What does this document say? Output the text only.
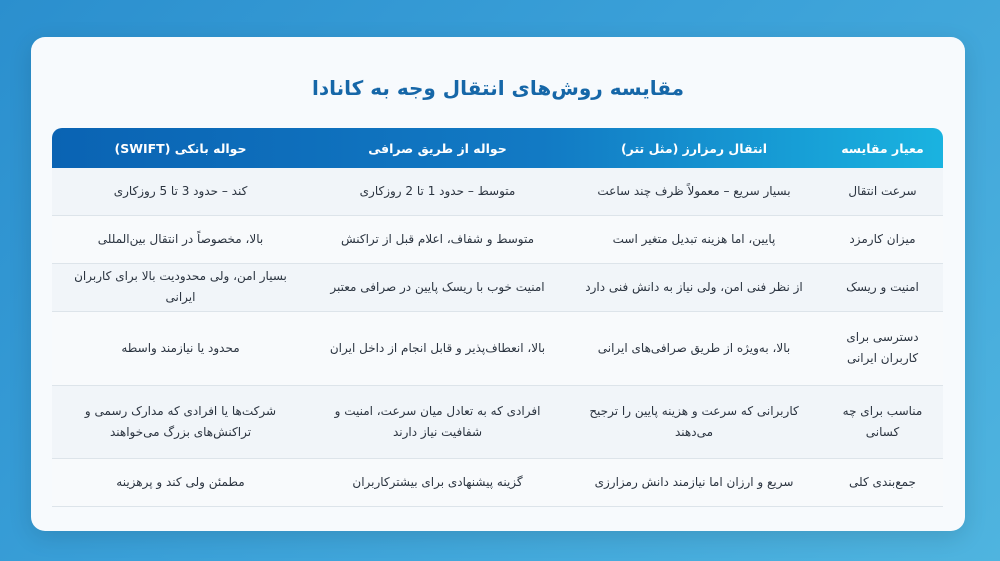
مقایسه روش‌های انتقال وجه به کانادا
معیار مقایسه	انتقال رمزارز (مثل تتر)	حواله از طریق صرافی	حواله بانکی (SWIFT)
سرعت انتقال	بسیار سریع – معمولاً ظرف چند ساعت	متوسط – حدود 1 تا 2 روزکاری	کند – حدود 3 تا 5 روزکاری
میزان کارمزد	پایین، اما هزینه تبدیل متغیر است	متوسط و شفاف، اعلام قبل از تراکنش	بالا، مخصوصاً در انتقال بین‌المللی
امنیت و ریسک	از نظر فنی امن، ولی نیاز به دانش فنی دارد	امنیت خوب با ریسک پایین در صرافی معتبر	بسیار امن، ولی محدودیت بالا برای کاربران ایرانی
دسترسی برای کاربران ایرانی	بالا، به‌ویژه از طریق صرافی‌های ایرانی	بالا، انعطاف‌پذیر و قابل انجام از داخل ایران	محدود یا نیازمند واسطه
مناسب برای چه کسانی	کاربرانی که سرعت و هزینه پایین را ترجیح می‌دهند	افرادی که به تعادل میان سرعت، امنیت و شفافیت نیاز دارند	شرکت‌ها یا افرادی که مدارک رسمی و تراکنش‌های بزرگ می‌خواهند
جمع‌بندی کلی	سریع و ارزان اما نیازمند دانش رمزارزی	گزینه پیشنهادی برای بیشترکاربران	مطمئن ولی کند و پرهزینه
